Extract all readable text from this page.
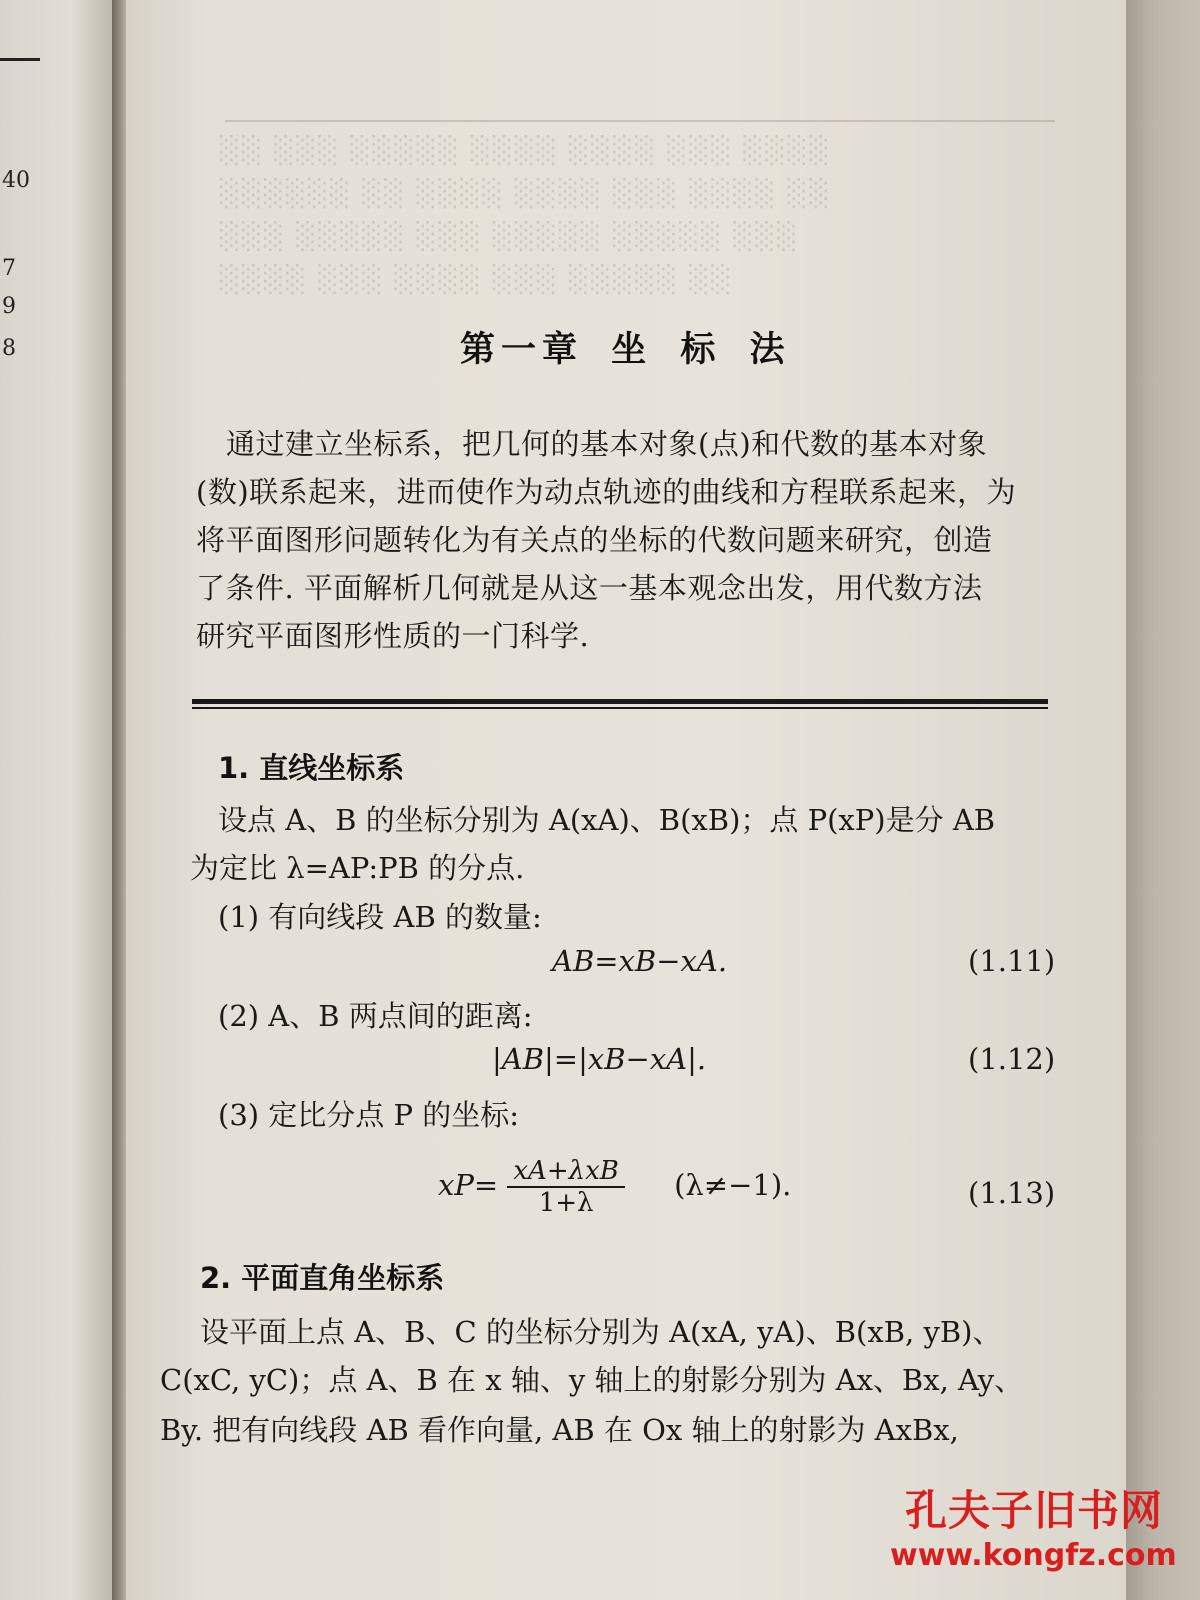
40
7
9
8
░░ ░░░ ░░░░░ ░░░░ ░░░░ ░░░ ░░░░
░░░░░░ ░░ ░░░░ ░░░░ ░░░ ░░░░ ░░
░░░ ░░░░░ ░░░ ░░░░░ ░░░░░ ░░░
░░░░ ░░░ ░░░░ ░░░ ░░░░░ ░░
第一章 坐 标 法

通过建立坐标系，把几何的基本对象(点)和代数的基本对象

(数)联系起来，进而使作为动点轨迹的曲线和方程联系起来，为
将平面图形问题转化为有关点的坐标的代数问题来研究，创造
了条件. 平面解析几何就是从这一基本观念出发，用代数方法
研究平面图形性质的一门科学.
1. 直线坐标系
设点 A、B 的坐标分别为 A(xA)、B(xB)；点 P(xP)是分 AB
为定比 λ=AP:PB 的分点.
(1) 有向线段 AB 的数量:
AB=xB−xA.	(1.11)
(2) A、B 两点间的距离:
|AB|=|xB−xA|.	(1.12)
(3) 定比分点 P 的坐标:
$xP= \frac{\text{xA+λxB}}{1+\lambda} (\lambda\ne-1)$.	(1.13)
2. 平面直角坐标系
设平面上点 A、B、C 的坐标分别为 A(xA, yA)、B(xB, yB)、
C(xC, yC)；点 A、B 在 x 轴、y 轴上的射影分别为 Ax、Bx, Ay、
By. 把有向线段 AB 看作向量, AB 在 Ox 轴上的射影为 AxBx,
孔夫子旧书网
www.kongfz.com
